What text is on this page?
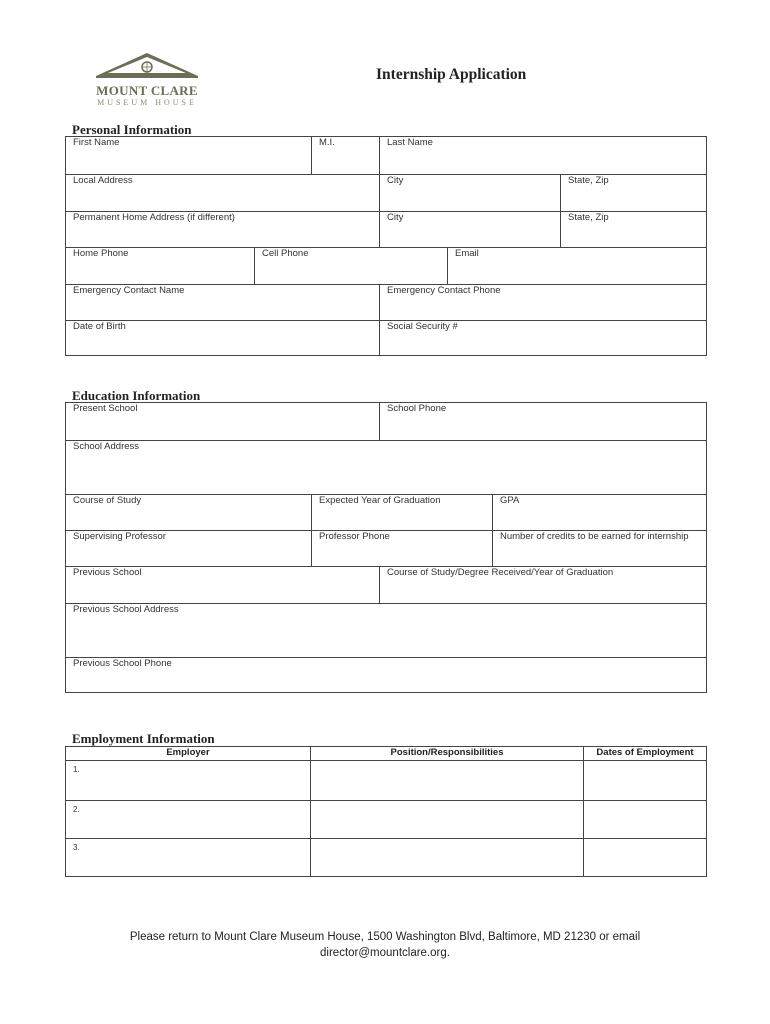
MOUNT CLARE
MUSEUM HOUSE
Internship Application
Personal Information
First Name	M.I.	Last Name
Local Address	City	State, Zip
Permanent Home Address (if different)	City	State, Zip
Home Phone	Cell Phone	Email
Emergency Contact Name	Emergency Contact Phone
Date of Birth	Social Security #
Education Information
Present School	School Phone
School Address
Course of Study	Expected Year of Graduation	GPA
Supervising Professor	Professor Phone	Number of credits to be earned for internship
Previous School	Course of Study/Degree Received/Year of Graduation
Previous School Address
Previous School Phone
Employment Information
Employer	Position/Responsibilities	Dates of Employment
1.
2.
3.
Please return to Mount Clare Museum House, 1500 Washington Blvd, Baltimore, MD 21230 or email
director@mountclare.org.
